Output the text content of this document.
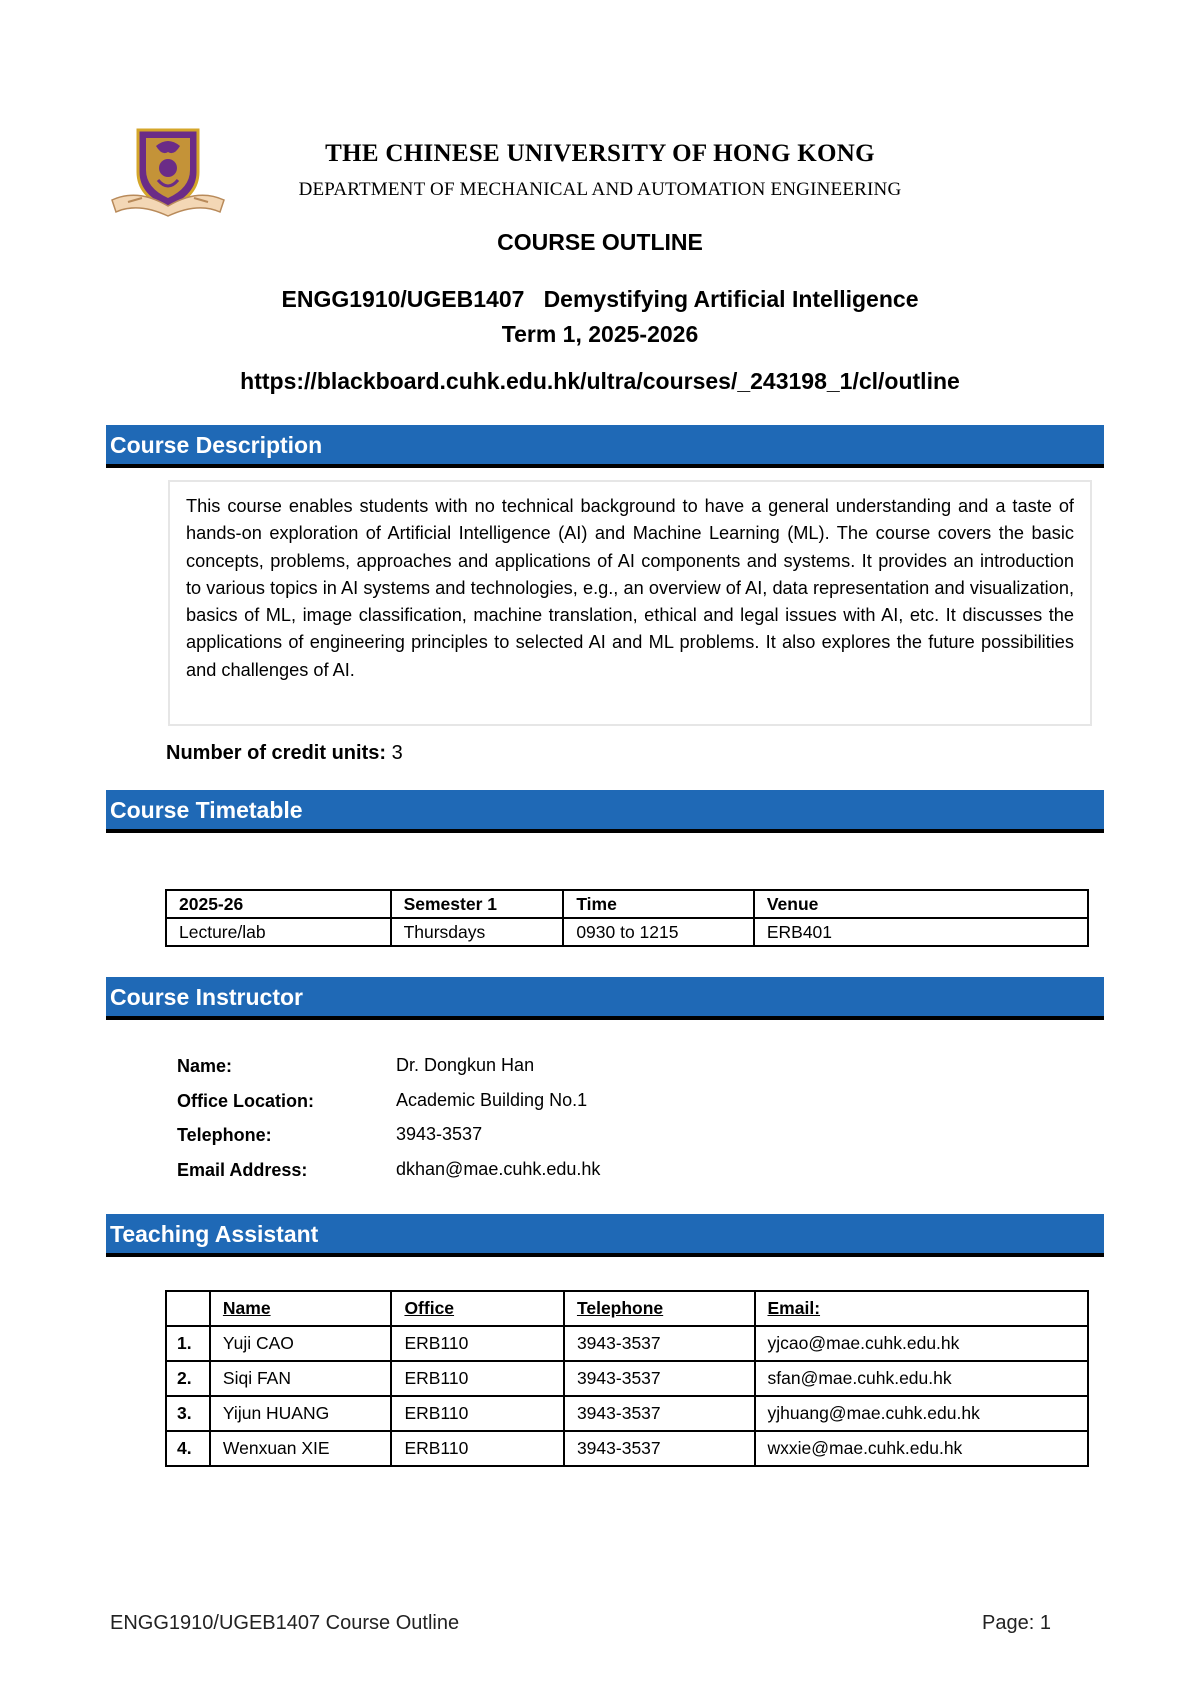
THE CHINESE UNIVERSITY OF HONG KONG
DEPARTMENT OF MECHANICAL AND AUTOMATION ENGINEERING
COURSE OUTLINE
ENGG1910/UGEB1407   Demystifying Artificial Intelligence
Term 1, 2025-2026
https://blackboard.cuhk.edu.hk/ultra/courses/_243198_1/cl/outline
Course Description

This course enables students with no technical background to have a general understanding and a taste of hands-on exploration of Artificial Intelligence (AI) and Machine Learning (ML). The course covers the basic concepts, problems, approaches and applications of AI components and systems. It provides an introduction to various topics in AI systems and technologies, e.g., an overview of AI, data representation and visualization, basics of ML, image classification, machine translation, ethical and legal issues with AI, etc. It discusses the applications of engineering principles to selected AI and ML problems. It also explores the future possibilities and challenges of AI.

Number of credit units: 3
Course Timetable
2025-26	Semester 1	Time	Venue
Lecture/lab	Thursdays	0930 to 1215	ERB401
Course Instructor
Name:	Dr. Dongkun Han
Office Location:	Academic Building No.1
Telephone:	3943-3537
Email Address:	dkhan@mae.cuhk.edu.hk
Teaching Assistant
	Name	Office	Telephone	Email:
1.	Yuji CAO	ERB110	3943-3537	yjcao@mae.cuhk.edu.hk
2.	Siqi FAN	ERB110	3943-3537	sfan@mae.cuhk.edu.hk
3.	Yijun HUANG	ERB110	3943-3537	yjhuang@mae.cuhk.edu.hk
4.	Wenxuan XIE	ERB110	3943-3537	wxxie@mae.cuhk.edu.hk
ENGG1910/UGEB1407 Course Outline	Page: 1
